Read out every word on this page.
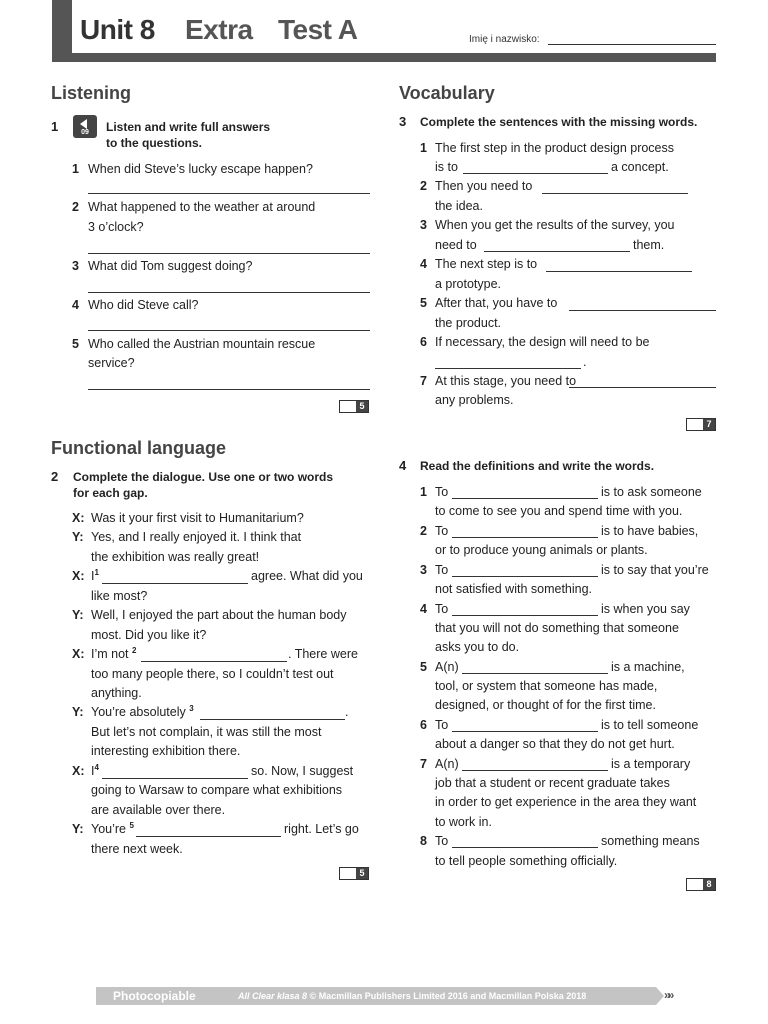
Unit 8 Extra Test A	Imię i nazwisko:
Listening
1	09	Listen and write full answers
to the questions.
1 When did Steve’s lucky escape happen?
2 What happened to the weather at around
3 o’clock?
3 What did Tom suggest doing?
4 Who did Steve call?
5 Who called the Austrian mountain rescue
service?
5
Functional language
2 Complete the dialogue. Use one or two words
for each gap.
X: Was it your first visit to Humanitarium?
Y: Yes, and I really enjoyed it. I think that
the exhibition was really great!
X: $I^1$	agree. What did you
like most?
Y: Well, I enjoyed the part about the human body
most. Did you like it?
X: I’m not $^2$	. There were
too many people there, so I couldn’t test out
anything.
Y: You’re absolutely $^3$	.
But let’s not complain, it was still the most
interesting exhibition there.
X: $I^4$	so. Now, I suggest
going to Warsaw to compare what exhibitions
are available over there.
Y: You’re $^5$	right. Let’s go
there next week.
5
Vocabulary
3 Complete the sentences with the missing words.
1 The first step in the product design process
is to	a concept.
2 Then you need to
the idea.
3 When you get the results of the survey, you
need to	them.
4 The next step is to
a prototype.
5 After that, you have to
the product.
6 If necessary, the design will need to be
.
7 At this stage, you need to
any problems.
7
4 Read the definitions and write the words.
1 To	is to ask someone
to come to see you and spend time with you.
2 To	is to have babies,
or to produce young animals or plants.
3 To	is to say that you’re
not satisfied with something.
4 To	is when you say
that you will not do something that someone
asks you to do.
5 A(n)	is a machine,
tool, or system that someone has made,
designed, or thought of for the first time.
6 To	is to tell someone
about a danger so that they do not get hurt.
7 A(n)	is a temporary
job that a student or recent graduate takes
in order to get experience in the area they want
to work in.
8 To	something means
to tell people something officially.
8
»»
Photocopiable	All Clear klasa 8 © Macmillan Publishers Limited 2016 and Macmillan Polska 2018
